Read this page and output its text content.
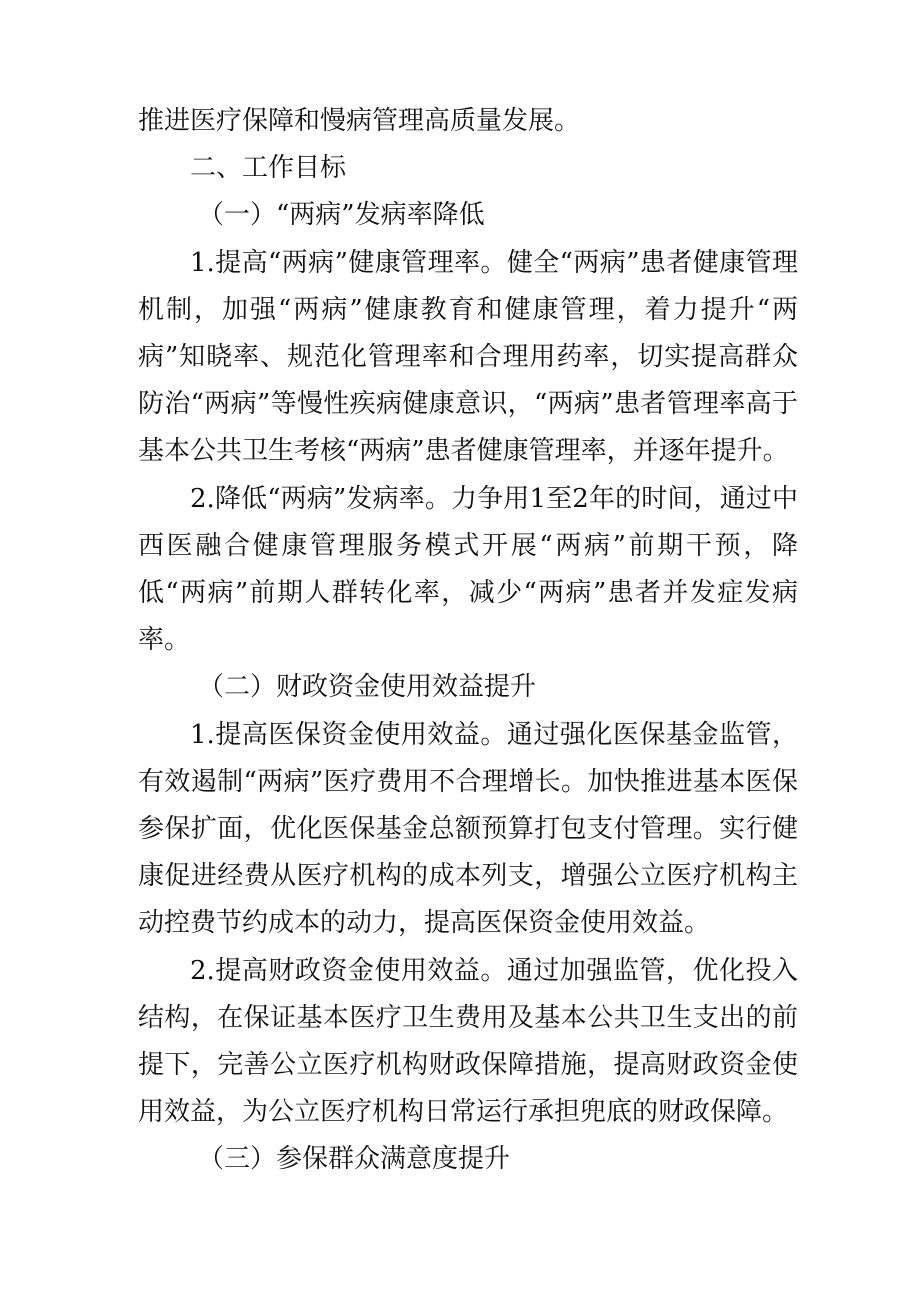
推进医疗保障和慢病管理高质量发展。

二、工作目标

（一）“两病”发病率降低

1.提高“两病”健康管理率。健全“两病”患者健康管理机制，加强“两病”健康教育和健康管理，着力提升“两病”知晓率、规范化管理率和合理用药率，切实提高群众防治“两病”等慢性疾病健康意识，“两病”患者管理率高于基本公共卫生考核“两病”患者健康管理率，并逐年提升。

2.降低“两病”发病率。力争用1至2年的时间，通过中西医融合健康管理服务模式开展“两病”前期干预，降低“两病”前期人群转化率，减少“两病”患者并发症发病率。

（二）财政资金使用效益提升

1.提高医保资金使用效益。通过强化医保基金监管，有效遏制“两病”医疗费用不合理增长。加快推进基本医保参保扩面，优化医保基金总额预算打包支付管理。实行健康促进经费从医疗机构的成本列支，增强公立医疗机构主动控费节约成本的动力，提高医保资金使用效益。

2.提高财政资金使用效益。通过加强监管，优化投入结构，在保证基本医疗卫生费用及基本公共卫生支出的前提下，完善公立医疗机构财政保障措施，提高财政资金使用效益，为公立医疗机构日常运行承担兜底的财政保障。

（三）参保群众满意度提升
